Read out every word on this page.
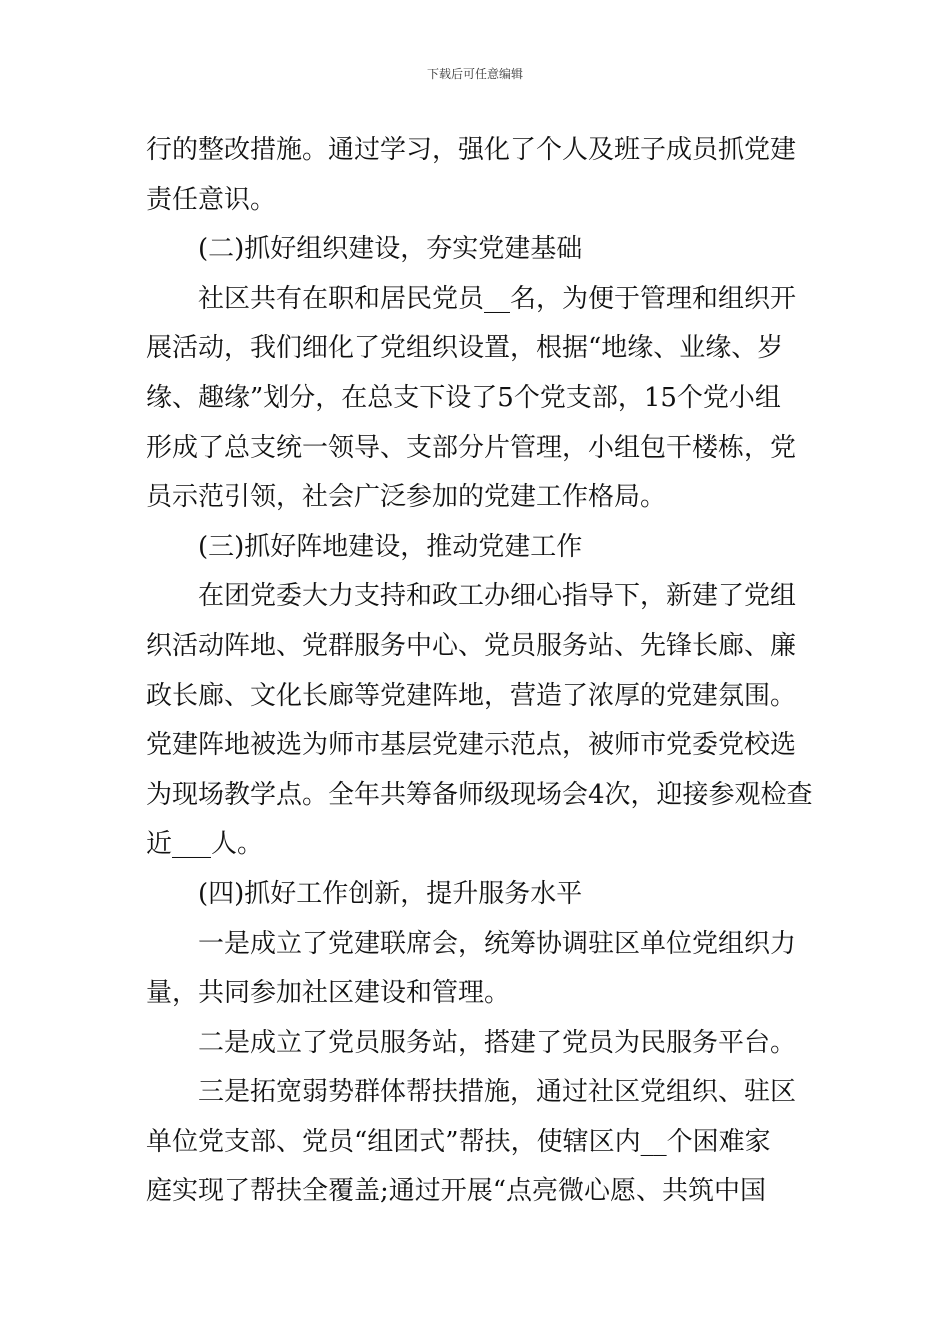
下载后可任意编辑
行的整改措施。通过学习，强化了个人及班子成员抓党建
责任意识。
(二)抓好组织建设，夯实党建基础
社区共有在职和居民党员__名，为便于管理和组织开
展活动，我们细化了党组织设置，根据“地缘、业缘、岁
缘、趣缘”划分，在总支下设了5个党支部，15个党小组
形成了总支统一领导、支部分片管理，小组包干楼栋，党
员示范引领，社会广泛参加的党建工作格局。
(三)抓好阵地建设，推动党建工作
在团党委大力支持和政工办细心指导下，新建了党组
织活动阵地、党群服务中心、党员服务站、先锋长廊、廉
政长廊、文化长廊等党建阵地，营造了浓厚的党建氛围。
党建阵地被选为师市基层党建示范点，被师市党委党校选
为现场教学点。全年共筹备师级现场会4次，迎接参观检查
近___人。
(四)抓好工作创新，提升服务水平
一是成立了党建联席会，统筹协调驻区单位党组织力
量，共同参加社区建设和管理。
二是成立了党员服务站，搭建了党员为民服务平台。
三是拓宽弱势群体帮扶措施，通过社区党组织、驻区
单位党支部、党员“组团式”帮扶，使辖区内__个困难家
庭实现了帮扶全覆盖;通过开展“点亮微心愿、共筑中国
